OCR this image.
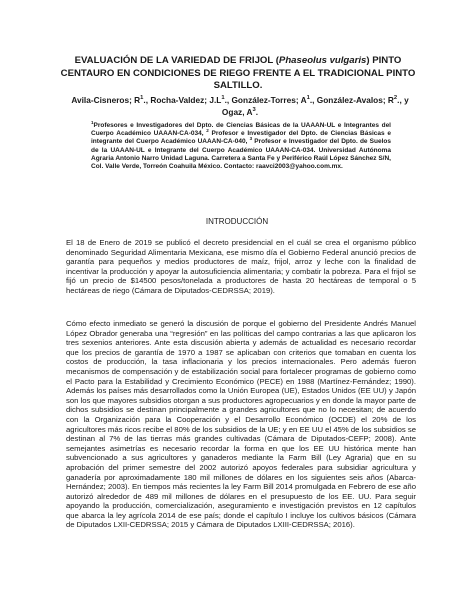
EVALUACIÓN DE LA VARIEDAD DE FRIJOL (Phaseolus vulgaris) PINTO CENTAURO EN CONDICIONES DE RIEGO FRENTE A EL TRADICIONAL PINTO SALTILLO.
Avila-Cisneros; $R^1$., Rocha-Valdez; $J.L^1$., González-Torres; $A^1$., González-Avalos; $R^2$., y Ogaz, $A^3$.
$^1$Profesores e Investigadores del Dpto. de Ciencias Básicas de la UAAAN-UL e Integrantes del Cuerpo Académico UAAAN-CA-034, $^2$ Profesor e Investigador del Dpto. de Ciencias Básicas e integrante del Cuerpo Académico UAAAN-CA-040, $^3$ Profesor e Investigador del Dpto. de Suelos de la UAAAN-UL e Integrante del Cuerpo Académico UAAAN-CA-034. Universidad Autónoma Agraria Antonio Narro Unidad Laguna. Carretera a Santa Fe y Periférico Raúl López Sánchez S/N, Col. Valle Verde, Torreón Coahuila México. Contacto: raavci2003@yahoo.com.mx.
INTRODUCCIÓN

El 18 de Enero de 2019 se publicó el decreto presidencial en el cuál se crea el organismo público denominado Seguridad Alimentaria Mexicana, ese mismo día el Gobierno Federal anunció precios de garantía para pequeños y medios productores de maíz, frijol, arroz y leche con la finalidad de incentivar la producción y apoyar la autosuficiencia alimentaria; y combatir la pobreza. Para el frijol se fijó un precio de $14500 pesos/tonelada a productores de hasta 20 hectáreas de temporal o 5 hectáreas de riego (Cámara de Diputados-CEDRSSA; 2019).

Cómo efecto inmediato se generó la discusión de porque el gobierno del Presidente Andrés Manuel López Obrador generaba una “regresión” en las políticas del campo contrarias a las que aplicaron los tres sexenios anteriores. Ante esta discusión abierta y además de actualidad es necesario recordar que los precios de garantía de 1970 a 1987 se aplicaban con criterios que tomaban en cuenta los costos de producción, la tasa inflacionaria y los precios internacionales. Pero además fueron mecanismos de compensación y de estabilización social para fortalecer programas de gobierno como el Pacto para la Estabilidad y Crecimiento Económico (PECE) en 1988 (Martínez-Fernández; 1990). Además los países más desarrollados como la Unión Europea (UE), Estados Unidos (EE UU) y Japón son los que mayores subsidios otorgan a sus productores agropecuarios y en donde la mayor parte de dichos subsidios se destinan principalmente a grandes agricultores que no lo necesitan; de acuerdo con la Organización para la Cooperación y el Desarrollo Económico (OCDE) el 20% de los agricultores más ricos recibe el 80% de los subsidios de la UE; y en EE UU el 45% de los subsidios se destinan al 7% de las tierras más grandes cultivadas (Cámara de Diputados-CEFP; 2008). Ante semejantes asimetrías es necesario recordar la forma en que los EE UU histórica mente han subvencionado a sus agricultores y ganaderos mediante la Farm Bill (Ley Agraria) que en su aprobación del primer semestre del 2002 autorizó apoyos federales para subsidiar agricultura y ganadería por aproximadamente 180 mil millones de dólares en los siguientes seis años (Abarca-Hernández; 2003). En tiempos más recientes la ley Farm Bill 2014 promulgada en Febrero de ese año autorizó alrededor de 489 mil millones de dólares en el presupuesto de los EE. UU. Para seguir apoyando la producción, comercialización, aseguramiento e investigación previstos en 12 capítulos que abarca la ley agrícola 2014 de ese país; donde el capítulo I incluye los cultivos básicos (Cámara de Diputados LXII-CEDRSSA; 2015 y Cámara de Diputados LXIII-CEDRSSA; 2016).
